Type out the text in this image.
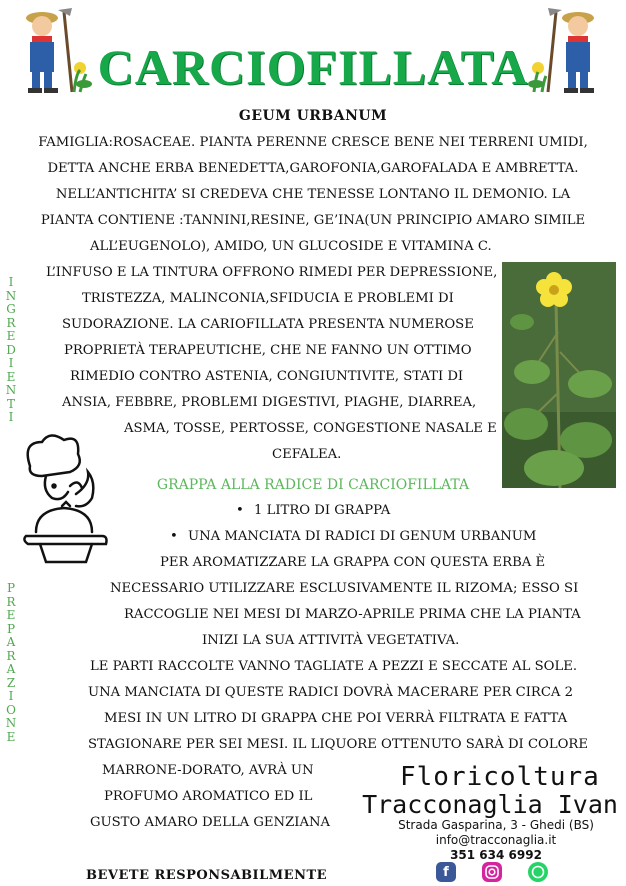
CARCIOFILLATA
GEUM URBANUM
FAMIGLIA:ROSACEAE. PIANTA PERENNE CRESCE BENE NEI TERRENI UMIDI,
DETTA ANCHE ERBA BENEDETTA,GAROFONIA,GAROFALADA E AMBRETTA.
NELL’ANTICHITA’ SI CREDEVA CHE TENESSE LONTANO IL DEMONIO. LA
PIANTA CONTIENE :TANNINI,RESINE, GE’INA(UN PRINCIPIO AMARO SIMILE
ALL’EUGENOLO), AMIDO, UN GLUCOSIDE E VITAMINA C.
L’INFUSO E LA TINTURA OFFRONO RIMEDI PER DEPRESSIONE,
TRISTEZZA, MALINCONIA,SFIDUCIA E PROBLEMI DI
SUDORAZIONE. LA CARIOFILLATA PRESENTA NUMEROSE
PROPRIETÀ TERAPEUTICHE, CHE NE FANNO UN OTTIMO
RIMEDIO CONTRO ASTENIA, CONGIUNTIVITE, STATI DI
ANSIA, FEBBRE, PROBLEMI DIGESTIVI, PIAGHE, DIARREA,
ASMA, TOSSE, PERTOSSE, CONGESTIONE NASALE E
CEFALEA.
I
N
G
R
E
D
I
E
N
T
I
P
R
E
P
A
R
A
Z
I
O
N
E
GRAPPA ALLA RADICE DI CARCIOFILLATA
• 1 LITRO DI GRAPPA
• UNA MANCIATA DI RADICI DI GENUM URBANUM
PER AROMATIZZARE LA GRAPPA CON QUESTA ERBA È
NECESSARIO UTILIZZARE ESCLUSIVAMENTE IL RIZOMA; ESSO SI
RACCOGLIE NEI MESI DI MARZO-APRILE PRIMA CHE LA PIANTA
INIZI LA SUA ATTIVITÀ VEGETATIVA.
LE PARTI RACCOLTE VANNO TAGLIATE A PEZZI E SECCATE AL SOLE.
UNA MANCIATA DI QUESTE RADICI DOVRÀ MACERARE PER CIRCA 2
MESI IN UN LITRO DI GRAPPA CHE POI VERRÀ FILTRATA E FATTA
STAGIONARE PER SEI MESI. IL LIQUORE OTTENUTO SARÀ DI COLORE
MARRONE-DORATO, AVRÀ UN
PROFUMO AROMATICO ED IL
GUSTO AMARO DELLA GENZIANA
Floricoltura
Tracconaglia Ivan
Strada Gasparina, 3 - Ghedi (BS)
info@tracconaglia.it
351 634 6992
f
BEVETE RESPONSABILMENTE
